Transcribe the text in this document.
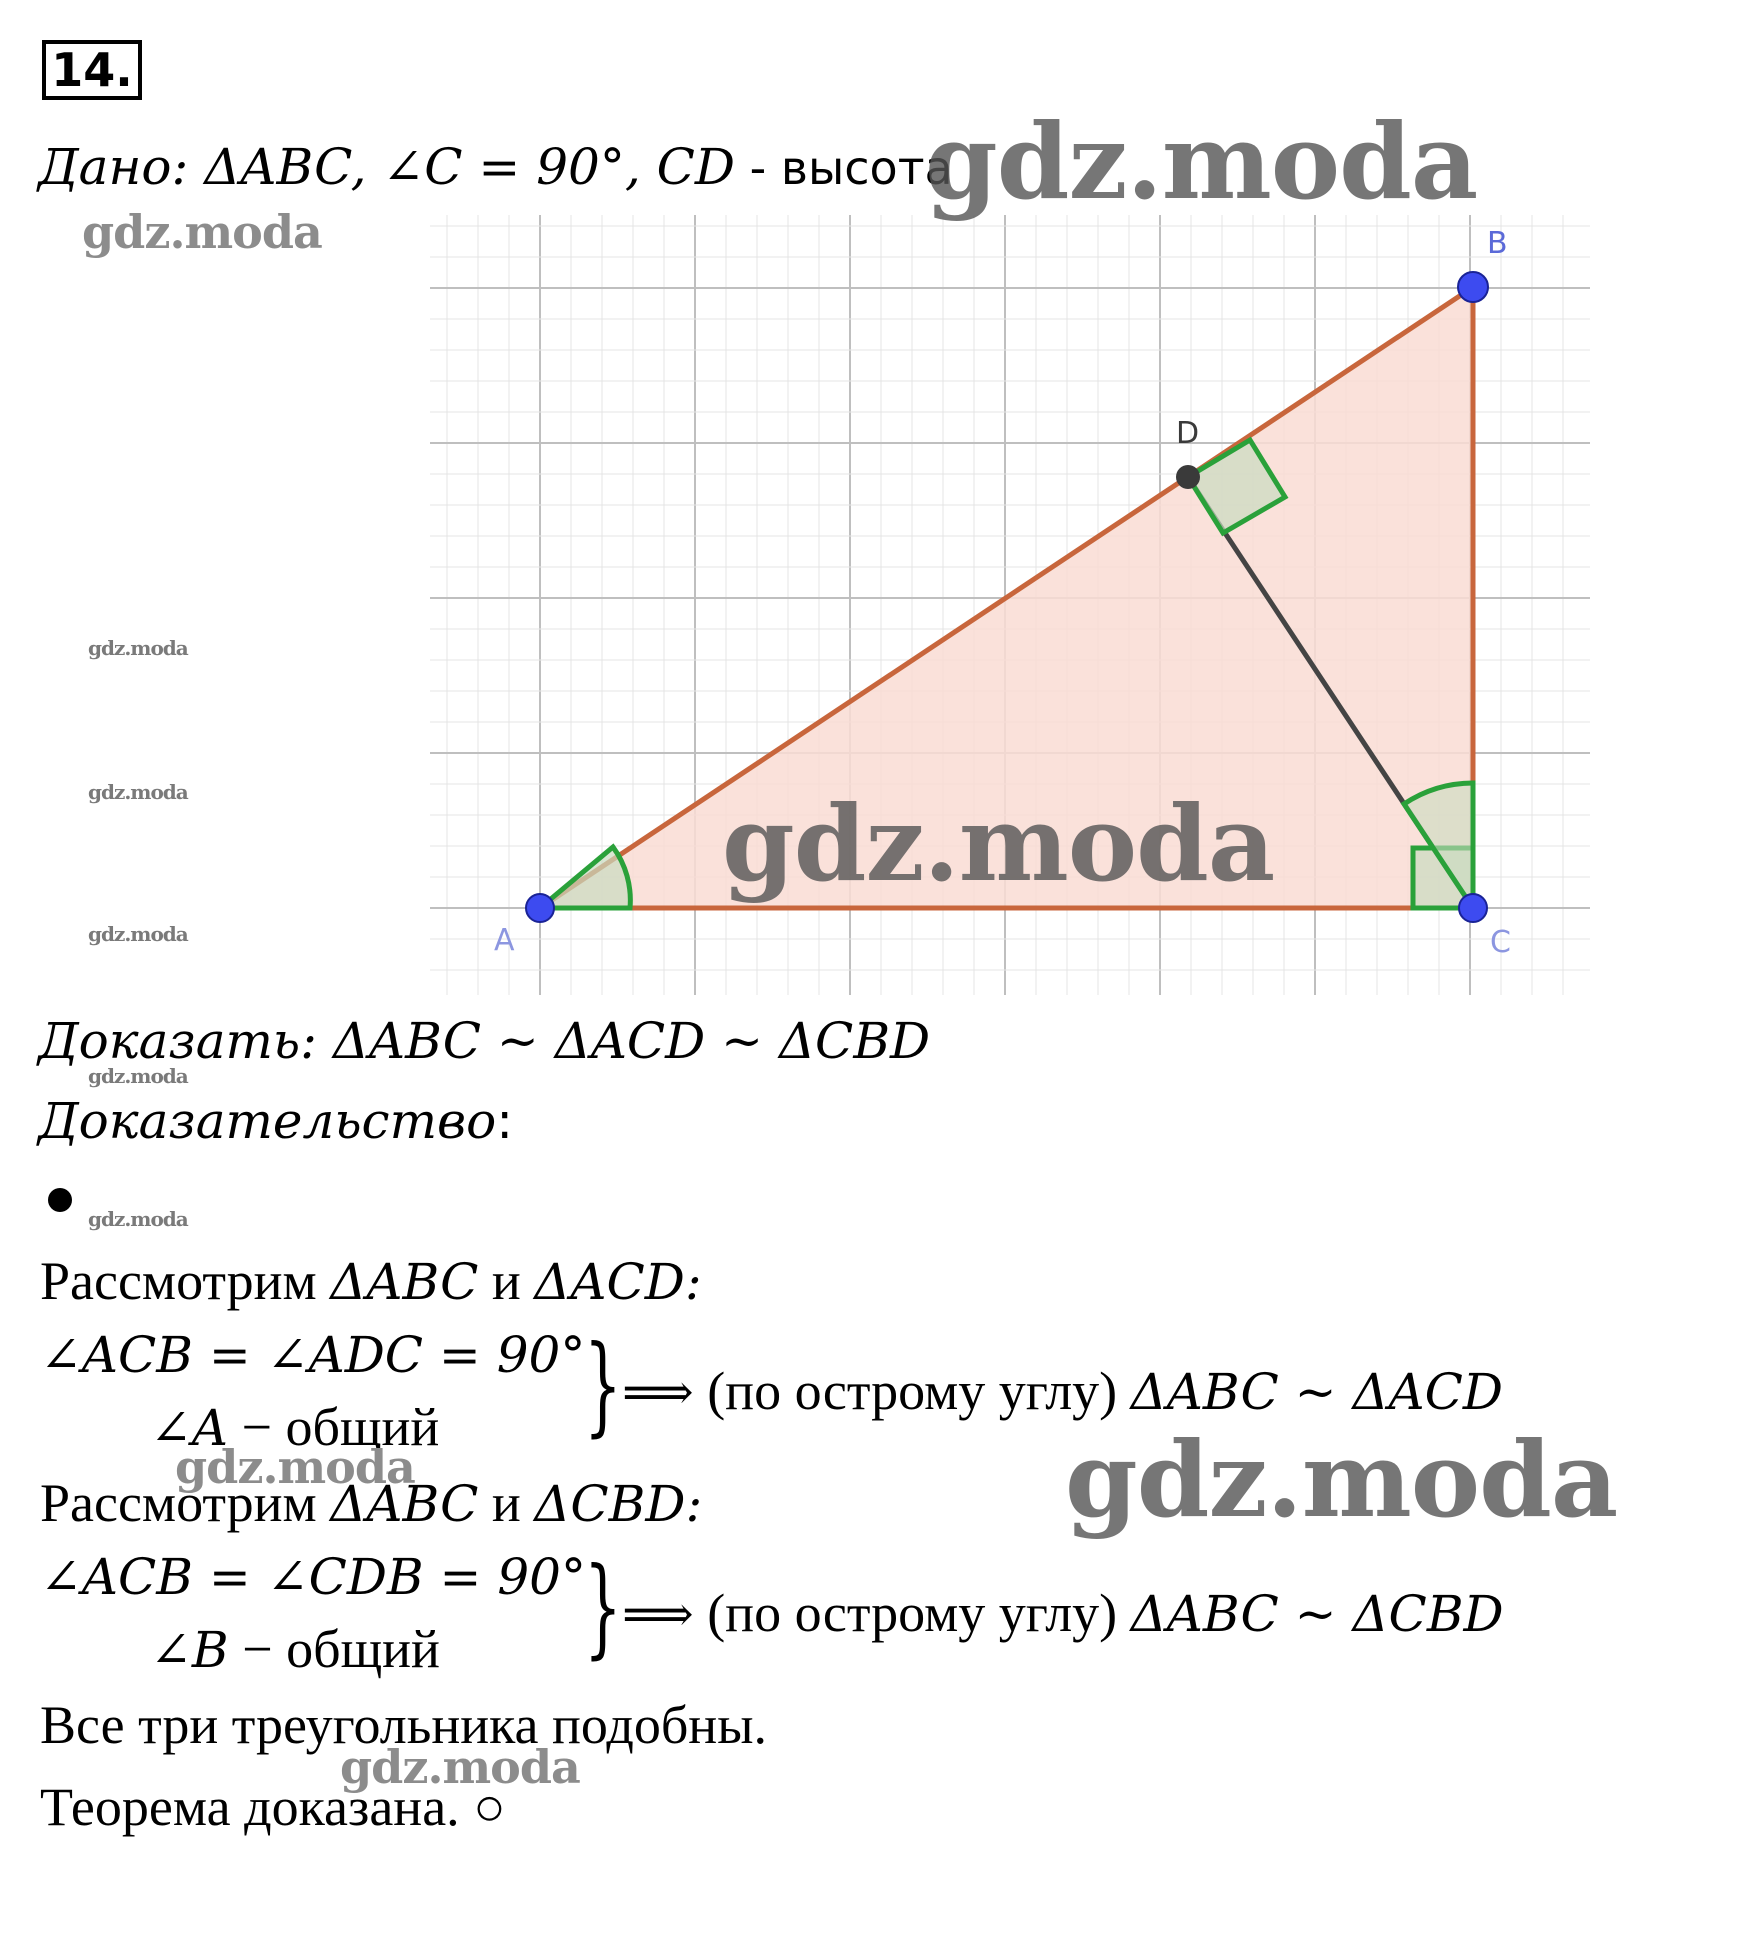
14.
Дано: ΔABC, ∠C = 90°, CD - высота
A
B
C
D
Доказать: ΔABC ~ ΔACD ~ ΔCBD
Доказательство:
Рассмотрим ΔABC и ΔACD:
∠ACB = ∠ADC = 90°
∠A − общий } ⟹ (по острому углу) ΔABC ~ ΔACD
Рассмотрим ΔABC и ΔCBD:
∠ACB = ∠CDB = 90°
∠B − общий } ⟹ (по острому углу) ΔABC ~ ΔCBD
Все три треугольника подобны.
Теорема доказана. ○
gdz.moda
gdz.moda
gdz.moda
gdz.moda
gdz.moda
gdz.moda
gdz.moda
gdz.moda
gdz.moda	gdz.moda
gdz.moda
